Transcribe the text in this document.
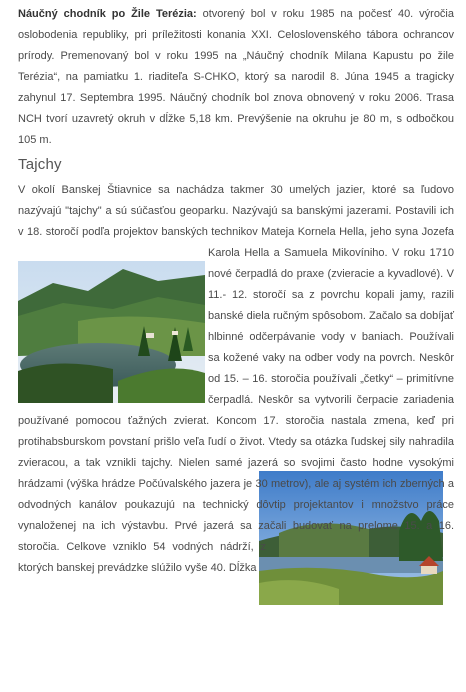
Náučný chodník po Žile Terézia: otvorený bol v roku 1985 na počesť 40. výročia oslobodenia republiky, pri príležitosti konania XXI. Celoslovenského tábora ochrancov prírody. Premenovaný bol v roku 1995 na „Náučný chodník Milana Kapustu po žile Terézia“, na pamiatku 1. riaditeľa S-CHKO, ktorý sa narodil 8. Júna 1945 a tragicky zahynul 17. Septembra 1995. Náučný chodník bol znova obnovený v roku 2006. Trasa NCH tvorí uzavretý okruh v dĺžke 5,18 km. Prevýšenie na okruhu je 80 m, s odbočkou 105 m.

Tajchy

V okolí Banskej Štiavnice sa nachádza takmer 30 umelých jazier, ktoré sa ľudovo nazývajú "tajchy" a sú súčasťou geoparku. Nazývajú sa banskými jazerami. Postavili ich v 18. storočí podľa projektov banských technikov Mateja Kornela Hella, jeho syna Jozefa Karola Hella a Samuela Mikovíniho. V roku 1710 nové čerpadlá do praxe (zvieracie a kyvadlové). V 11.- 12. storočí sa z povrchu kopali jamy, razili banské diela ručným spôsobom. Začalo sa dobíjať hlbinné odčerpávanie vody v baniach. Používali sa kožené vaky na odber vody na povrch. Neskôr od 15. – 16. storočia používali „četky“ – primitívne čerpadlá. Neskôr sa vytvorili čerpacie zariadenia používané pomocou ťažných zvierat. Koncom 17. storočia nastala zmena, keď pri protihabsburskom povstaní prišlo veľa ľudí o život. Vtedy sa otázka ľudskej sily nahradila zvieracou, a tak vznikli tajchy. Nielen samé jazerá so svojimi často hodne vysokými hrádzami (výška hrádze Počúvalského jazera je 30 metrov), ale aj systém ich zberných a odvodných kanálov poukazujú na technický dôvtip projektantov i množstvo práce vynaloženej na ich výstavbu. Prvé jazerá sa začali budovať na prelome 15. a 16. storočia. Celkove vzniklo 54 vodných nádrží, z ktorých banskej prevádzke slúžilo vyše 40. Dĺžka
